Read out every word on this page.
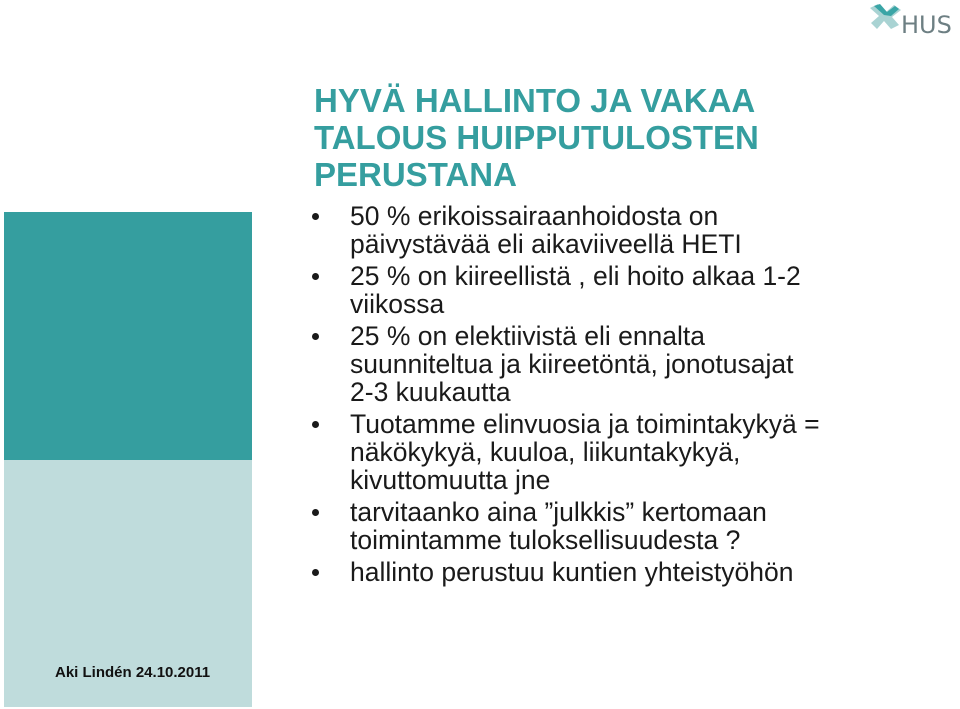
HUS
HYVÄ HALLINTO JA VAKAA
TALOUS HUIPPUTULOSTEN
PERUSTANA
50 % erikoissairaanhoidosta on
päivystävää eli aikaviiveellä HETI
25 % on kiireellistä , eli hoito alkaa 1-2
viikossa
25 % on elektiivistä eli ennalta
suunniteltua ja kiireetöntä, jonotusajat
2-3 kuukautta
Tuotamme elinvuosia ja toimintakykyä =
näkökykyä, kuuloa, liikuntakykyä,
kivuttomuutta jne
tarvitaanko aina ”julkkis” kertomaan
toimintamme tuloksellisuudesta ?
hallinto perustuu kuntien yhteistyöhön
Aki Lindén 24.10.2011
